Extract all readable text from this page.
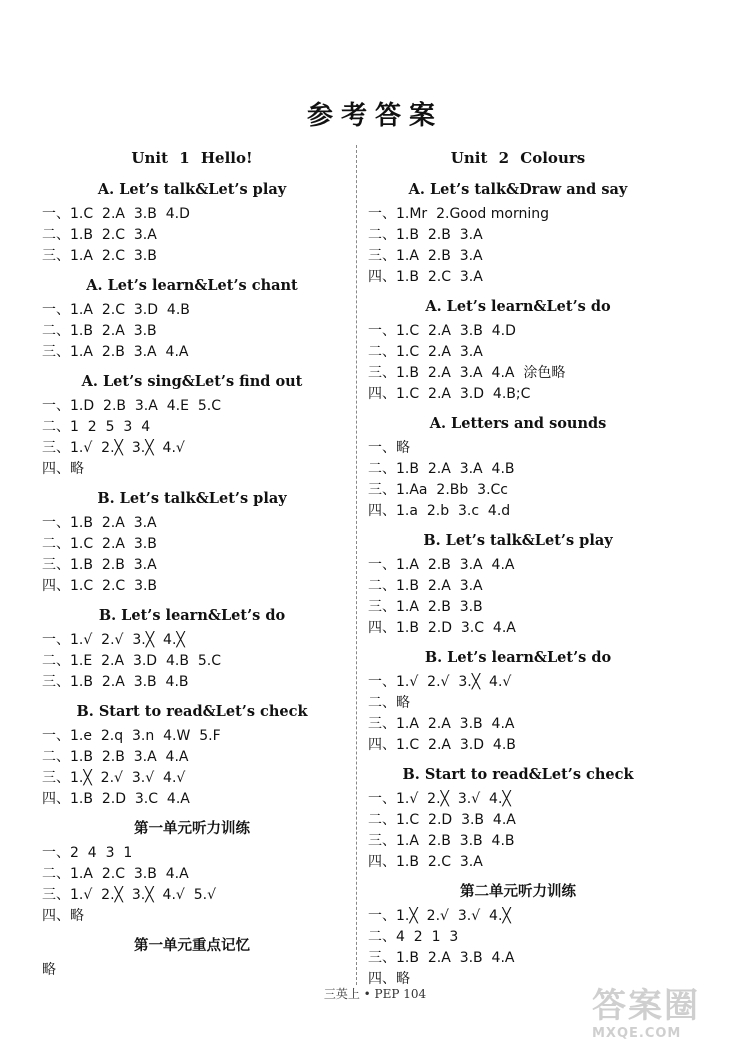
参考答案
Unit 1 Hello!
A. Let’s talk&Let’s play
一、1.C  2.A  3.B  4.D
二、1.B  2.C  3.A
三、1.A  2.C  3.B
A. Let’s learn&Let’s chant
一、1.A  2.C  3.D  4.B
二、1.B  2.A  3.B
三、1.A  2.B  3.A  4.A
A. Let’s sing&Let’s find out
一、1.D  2.B  3.A  4.E  5.C
二、1  2  5  3  4
三、1.√  2.╳  3.╳  4.√
四、略
B. Let’s talk&Let’s play
一、1.B  2.A  3.A
二、1.C  2.A  3.B
三、1.B  2.B  3.A
四、1.C  2.C  3.B
B. Let’s learn&Let’s do
一、1.√  2.√  3.╳  4.╳
二、1.E  2.A  3.D  4.B  5.C
三、1.B  2.A  3.B  4.B
B. Start to read&Let’s check
一、1.e  2.q  3.n  4.W  5.F
二、1.B  2.B  3.A  4.A
三、1.╳  2.√  3.√  4.√
四、1.B  2.D  3.C  4.A
第一单元听力训练
一、2  4  3  1
二、1.A  2.C  3.B  4.A
三、1.√  2.╳  3.╳  4.√  5.√
四、略
第一单元重点记忆
略
Unit 2 Colours
A. Let’s talk&Draw and say
一、1.Mr  2.Good morning
二、1.B  2.B  3.A
三、1.A  2.B  3.A
四、1.B  2.C  3.A
A. Let’s learn&Let’s do
一、1.C  2.A  3.B  4.D
二、1.C  2.A  3.A
三、1.B  2.A  3.A  4.A  涂色略
四、1.C  2.A  3.D  4.B;C
A. Letters and sounds
一、略
二、1.B  2.A  3.A  4.B
三、1.Aa  2.Bb  3.Cc
四、1.a  2.b  3.c  4.d
B. Let’s talk&Let’s play
一、1.A  2.B  3.A  4.A
二、1.B  2.A  3.A
三、1.A  2.B  3.B
四、1.B  2.D  3.C  4.A
B. Let’s learn&Let’s do
一、1.√  2.√  3.╳  4.√
二、略
三、1.A  2.A  3.B  4.A
四、1.C  2.A  3.D  4.B
B. Start to read&Let’s check
一、1.√  2.╳  3.√  4.╳
二、1.C  2.D  3.B  4.A
三、1.A  2.B  3.B  4.B
四、1.B  2.C  3.A
第二单元听力训练
一、1.╳  2.√  3.√  4.╳
二、4  2  1  3
三、1.B  2.A  3.B  4.A
四、略
三英上 • PEP 104	答案圈
MXQE.COM
